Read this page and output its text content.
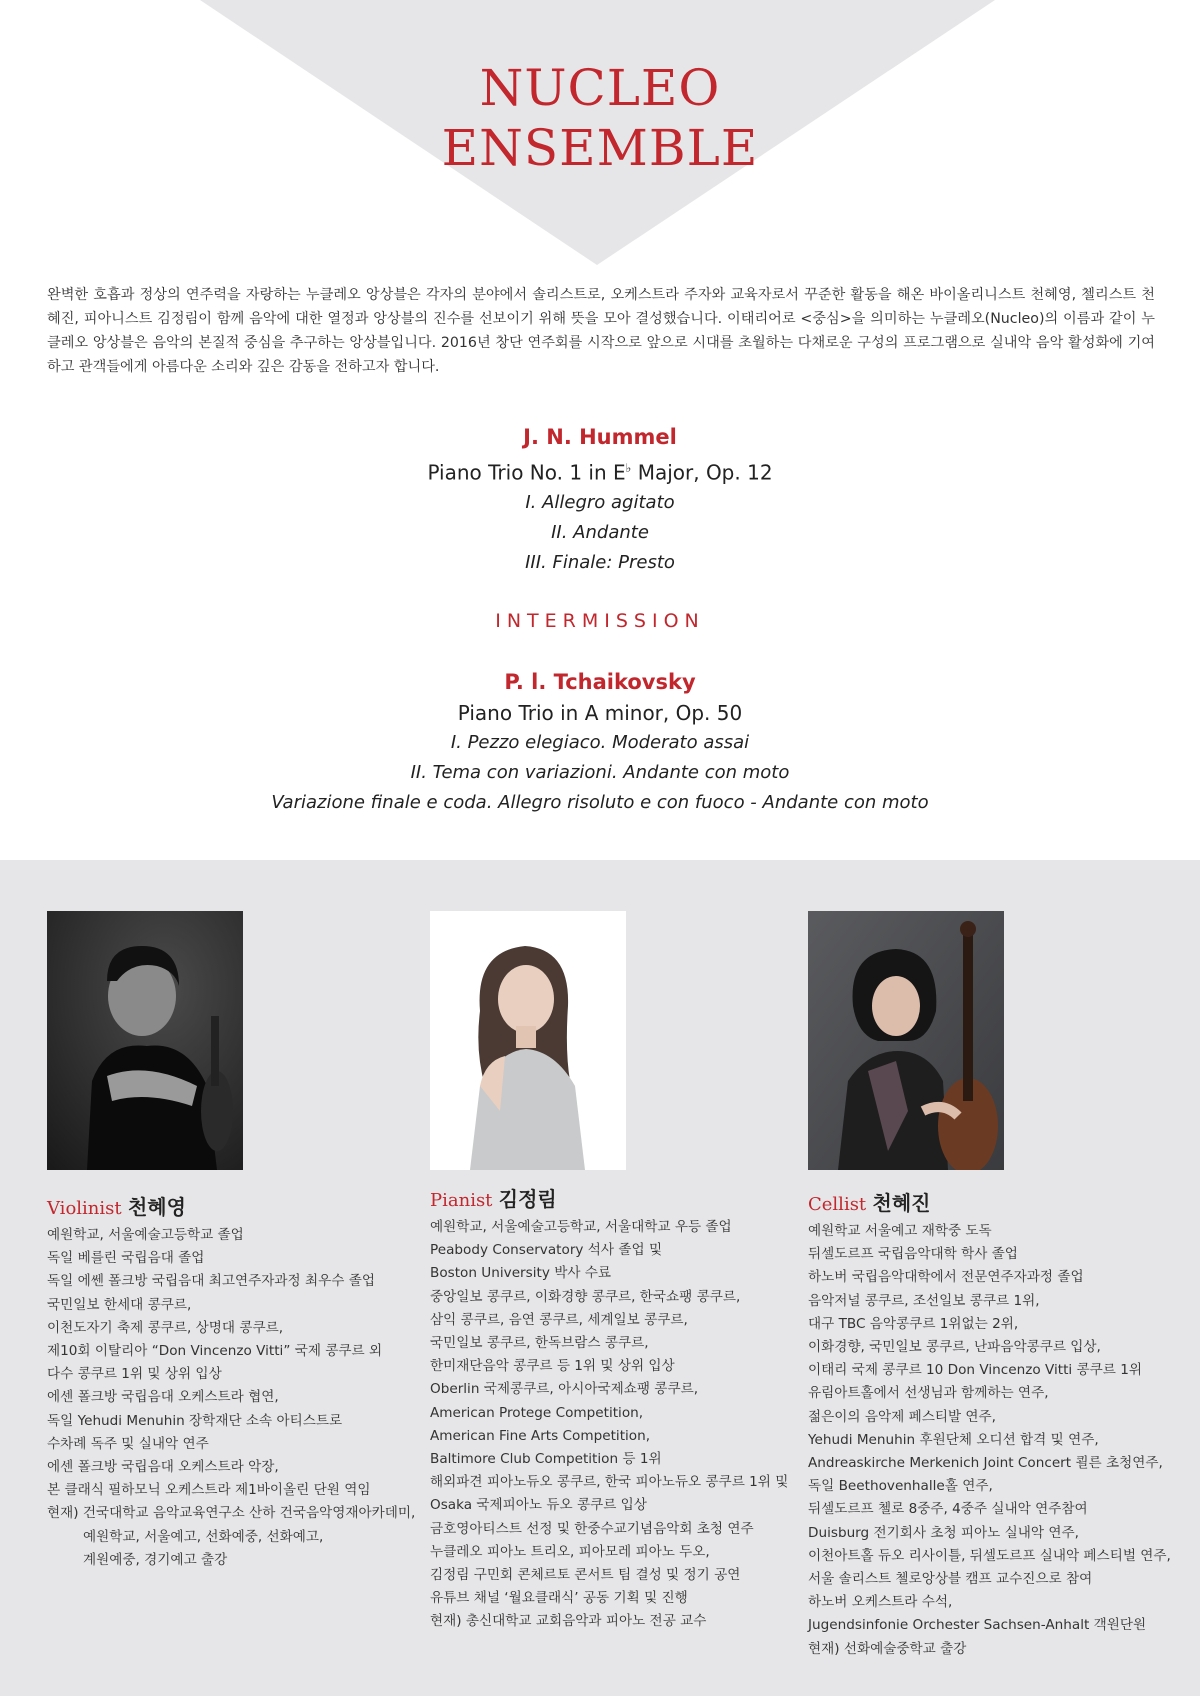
NUCLEO
ENSEMBLE
완벽한 호흡과 정상의 연주력을 자랑하는 누클레오 앙상블은 각자의 분야에서 솔리스트로, 오케스트라 주자와 교육자로서 꾸준한 활동을 해온 바이올리니스트 천혜영, 첼리스트 천혜진, 피아니스트 김정림이 함께 음악에 대한 열정과 앙상블의 진수를 선보이기 위해 뜻을 모아 결성했습니다. 이태리어로 <중심>을 의미하는 누클레오(Nucleo)의 이름과 같이 누클레오 앙상블은 음악의 본질적 중심을 추구하는 앙상블입니다. 2016년 창단 연주회를 시작으로 앞으로 시대를 초월하는 다채로운 구성의 프로그램으로 실내악 음악 활성화에 기여하고 관객들에게 아름다운 소리와 깊은 감동을 전하고자 합니다.
J. N. Hummel
Piano Trio No. 1 in E♭ Major, Op. 12
I. Allegro agitato
II. Andante
III. Finale: Presto
INTERMISSION
P. l. Tchaikovsky
Piano Trio in A minor, Op. 50
I. Pezzo elegiaco. Moderato assai
II. Tema con variazioni. Andante con moto
Variazione finale e coda. Allegro risoluto e con fuoco - Andante con moto
Violinist 천혜영
예원학교, 서울예술고등학교 졸업
독일 베를린 국립음대 졸업
독일 에쎈 폴크방 국립음대 최고연주자과정 최우수 졸업
국민일보 한세대 콩쿠르,
이천도자기 축제 콩쿠르, 상명대 콩쿠르,
제10회 이탈리아 “Don Vincenzo Vitti” 국제 콩쿠르 외
다수 콩쿠르 1위 및 상위 입상
에센 폴크방 국립음대 오케스트라 협연,
독일 Yehudi Menuhin 장학재단 소속 아티스트로
수차례 독주 및 실내악 연주
에센 폴크방 국립음대 오케스트라 악장,
본 클래식 필하모닉 오케스트라 제1바이올린 단원 역임
현재) 건국대학교 음악교육연구소 산하 건국음악영재아카데미,
예원학교, 서울예고, 선화예중, 선화예고,
계원예중, 경기예고 출강
Pianist 김정림
예원학교, 서울예술고등학교, 서울대학교 우등 졸업
Peabody Conservatory 석사 졸업 및
Boston University 박사 수료
중앙일보 콩쿠르, 이화경향 콩쿠르, 한국쇼팽 콩쿠르,
삼익 콩쿠르, 음연 콩쿠르, 세계일보 콩쿠르,
국민일보 콩쿠르, 한독브람스 콩쿠르,
한미재단음악 콩쿠르 등 1위 및 상위 입상
Oberlin 국제콩쿠르, 아시아국제쇼팽 콩쿠르,
American Protege Competition,
American Fine Arts Competition,
Baltimore Club Competition 등 1위
해외파견 피아노듀오 콩쿠르, 한국 피아노듀오 콩쿠르 1위 및
Osaka 국제피아노 듀오 콩쿠르 입상
금호영아티스트 선정 및 한중수교기념음악회 초청 연주
누클레오 피아노 트리오, 피아모레 피아노 두오,
김정림 구민회 콘체르토 콘서트 팀 결성 및 정기 공연
유튜브 채널 ‘월요클래식’ 공동 기획 및 진행
현재) 총신대학교 교회음악과 피아노 전공 교수
Cellist 천혜진
예원학교 서울예고 재학중 도독
뒤셀도르프 국립음악대학 학사 졸업
하노버 국립음악대학에서 전문연주자과정 졸업
음악저널 콩쿠르, 조선일보 콩쿠르 1위,
대구 TBC 음악콩쿠르 1위없는 2위,
이화경향, 국민일보 콩쿠르, 난파음악콩쿠르 입상,
이태리 국제 콩쿠르 10 Don Vincenzo Vitti 콩쿠르 1위
유림아트홀에서 선생님과 함께하는 연주,
젊은이의 음악제 페스티발 연주,
Yehudi Menuhin 후원단체 오디션 합격 및 연주,
Andreaskirche Merkenich Joint Concert 쾰른 초청연주,
독일 Beethovenhalle홀 연주,
뒤셀도르프 첼로 8중주, 4중주 실내악 연주참여
Duisburg 전기회사 초청 피아노 실내악 연주,
이천아트홀 듀오 리사이틀, 뒤셀도르프 실내악 페스티벌 연주,
서울 솔리스트 첼로앙상블 캠프 교수진으로 참여
하노버 오케스트라 수석,
Jugendsinfonie Orchester Sachsen-Anhalt 객원단원
현재) 선화예술중학교 출강
